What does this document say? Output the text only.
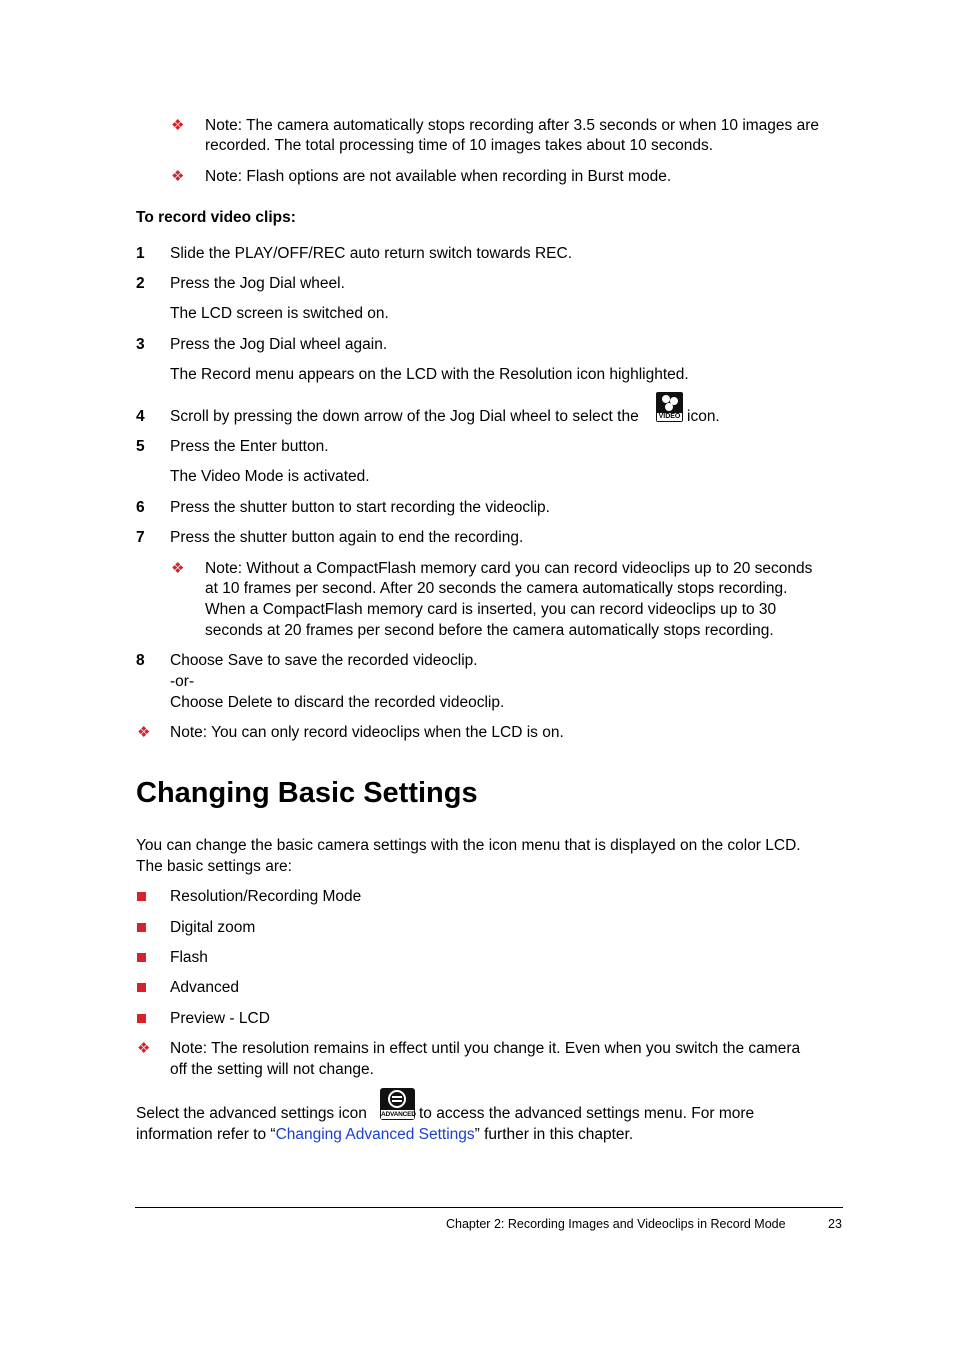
❖ Note: The camera automatically stops recording after 3.5 seconds or when 10 images are
recorded. The total processing time of 10 images takes about 10 seconds.
❖ Note: Flash options are not available when recording in Burst mode.
To record video clips:
1 Slide the PLAY/OFF/REC auto return switch towards REC.
2 Press the Jog Dial wheel.
The LCD screen is switched on.
3 Press the Jog Dial wheel again.
The Record menu appears on the LCD with the Resolution icon highlighted.
4 Scroll by pressing the down arrow of the Jog Dial wheel to select the	VIDEO icon.
5 Press the Enter button.
The Video Mode is activated.
6 Press the shutter button to start recording the videoclip.
7 Press the shutter button again to end the recording.
❖ Note: Without a CompactFlash memory card you can record videoclips up to 20 seconds
at 10 frames per second. After 20 seconds the camera automatically stops recording.
When a CompactFlash memory card is inserted, you can record videoclips up to 30
seconds at 20 frames per second before the camera automatically stops recording.
8 Choose Save to save the recorded videoclip.
-or-
Choose Delete to discard the recorded videoclip.
❖ Note: You can only record videoclips when the LCD is on.
Changing Basic Settings
You can change the basic camera settings with the icon menu that is displayed on the color LCD.
The basic settings are:
Resolution/Recording Mode
Digital zoom
Flash
Advanced
Preview - LCD
❖ Note: The resolution remains in effect until you change it. Even when you switch the camera
off the setting will not change.
Select the advanced settings icon ADVANCED to access the advanced settings menu. For more
information refer to “Changing Advanced Settings” further in this chapter.
Chapter 2: Recording Images and Videoclips in Record Mode	23
